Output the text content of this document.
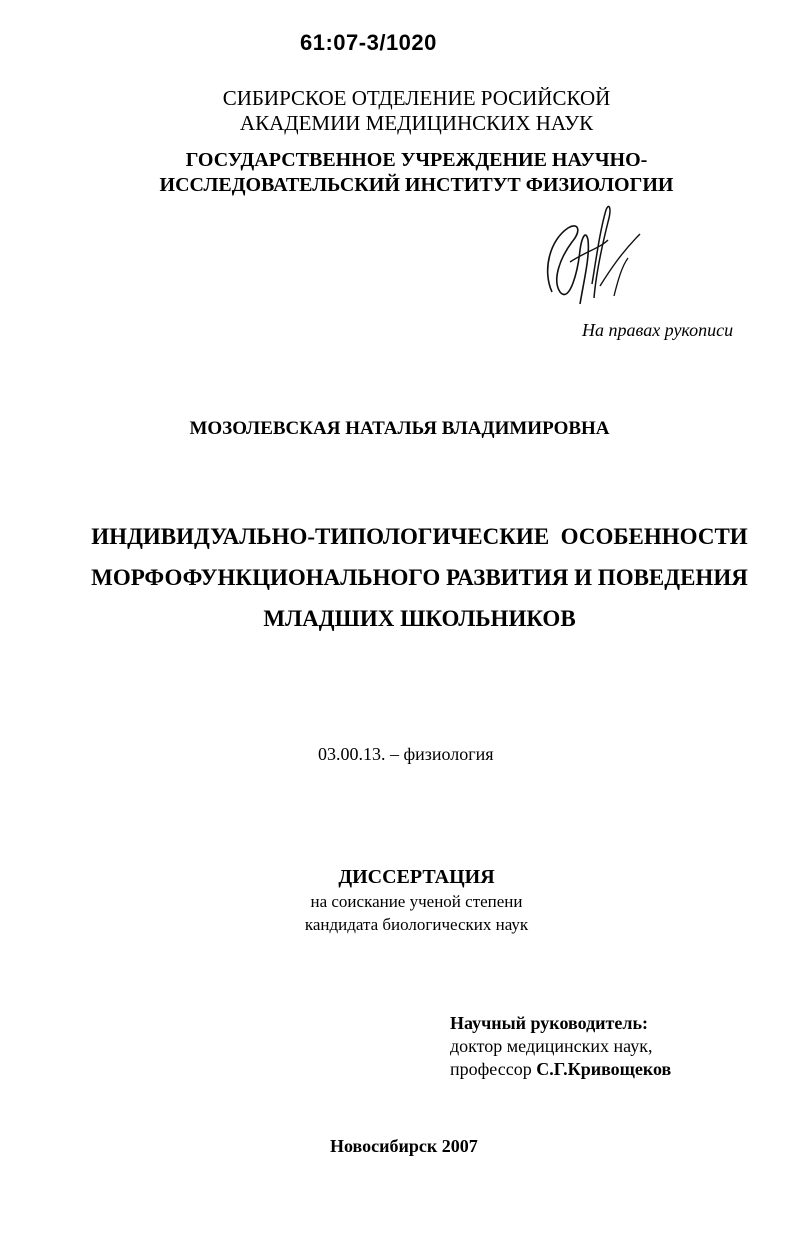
61:07-3/1020
СИБИРСКОЕ ОТДЕЛЕНИЕ РОСИЙСКОЙ
АКАДЕМИИ МЕДИЦИНСКИХ НАУК
ГОСУДАРСТВЕННОЕ УЧРЕЖДЕНИЕ НАУЧНО-
ИССЛЕДОВАТЕЛЬСКИЙ ИНСТИТУТ ФИЗИОЛОГИИ
На правах рукописи
МОЗОЛЕВСКАЯ НАТАЛЬЯ ВЛАДИМИРОВНА
ИНДИВИДУАЛЬНО-ТИПОЛОГИЧЕСКИЕ  ОСОБЕННОСТИ
МОРФОФУНКЦИОНАЛЬНОГО РАЗВИТИЯ И ПОВЕДЕНИЯ
МЛАДШИХ ШКОЛЬНИКОВ
03.00.13. – физиология
ДИССЕРТАЦИЯ
на соискание ученой степени
кандидата биологических наук
Научный руководитель:
доктор медицинских наук,
профессор С.Г.Кривощеков
Новосибирск 2007
